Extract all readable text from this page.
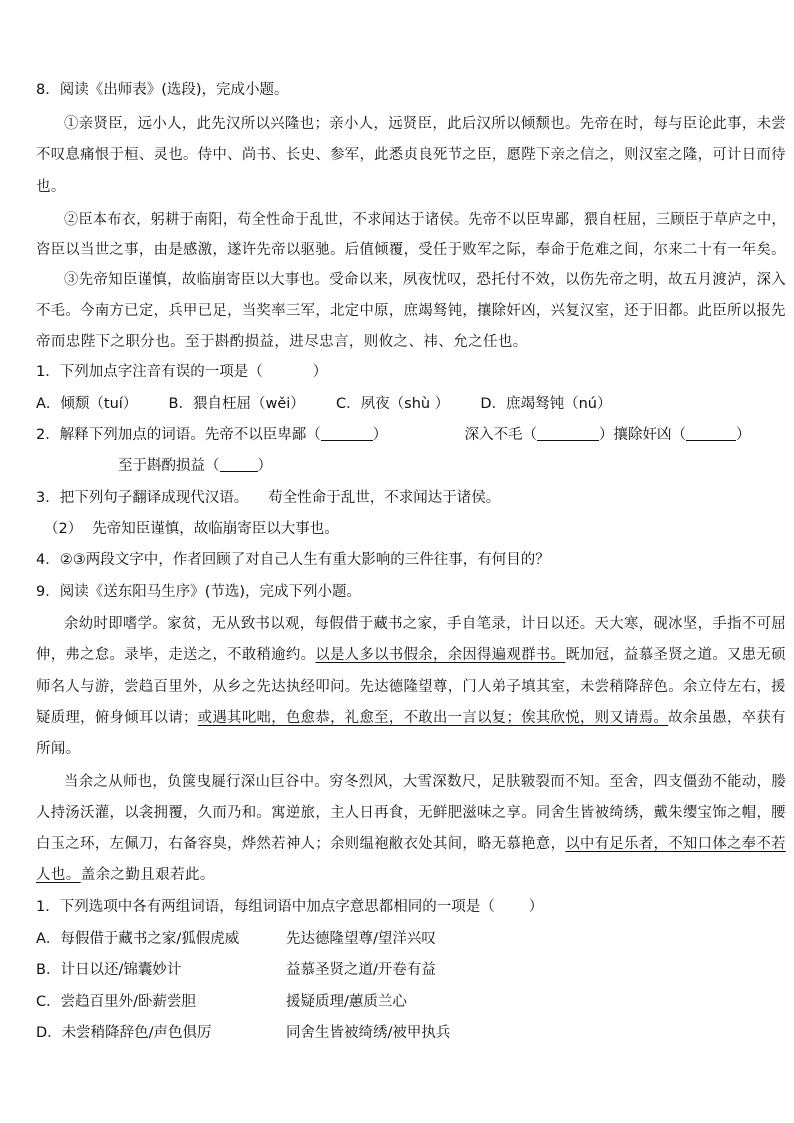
8．阅读《出师表》(选段)，完成小题。
①亲贤臣，远小人，此先汉所以兴隆也；亲小人，远贤臣，此后汉所以倾颓也。先帝在时，每与臣论此事，未尝
不叹息痛恨于桓、灵也。侍中、尚书、长史、参军，此悉贞良死节之臣，愿陛下亲之信之，则汉室之隆，可计日而待
也。
②臣本布衣，躬耕于南阳，苟全性命于乱世，不求闻达于诸侯。先帝不以臣卑鄙，猥自枉屈，三顾臣于草庐之中，
咨臣以当世之事，由是感激，遂许先帝以驱驰。后值倾覆，受任于败军之际，奉命于危难之间，尔来二十有一年矣。
③先帝知臣谨慎，故临崩寄臣以大事也。受命以来，夙夜忧叹，恐托付不效，以伤先帝之明，故五月渡泸，深入
不毛。今南方已定，兵甲已足，当奖率三军，北定中原，庶竭驽钝，攘除奸凶，兴复汉室，还于旧都。此臣所以报先
帝而忠陛下之职分也。至于斟酌损益，进尽忠言，则攸之、祎、允之任也。
1．下列加点字注音有误的一项是（	）
A．倾颓（tuí） B．猥自枉屈（wěi） C．夙夜（shù ） D．庶竭驽钝（nú）
2．解释下列加点的词语。先帝不以臣卑鄙（	）	深入不毛（	）攘除奸凶（	）
至于斟酌损益（	）
3．把下列句子翻译成现代汉语。 苟全性命于乱世，不求闻达于诸侯。
（2） 先帝知臣谨慎，故临崩寄臣以大事也。
4．②③两段文字中，作者回顾了对自己人生有重大影响的三件往事，有何目的？
9．阅读《送东阳马生序》(节选)，完成下列小题。
余幼时即嗜学。家贫，无从致书以观，每假借于藏书之家，手自笔录，计日以还。天大寒，砚冰坚，手指不可屈
伸，弗之怠。录毕，走送之，不敢稍逾约。以是人多以书假余，余因得遍观群书。既加冠，益慕圣贤之道。又患无硕
师名人与游，尝趋百里外，从乡之先达执经叩问。先达德隆望尊，门人弟子填其室，未尝稍降辞色。余立侍左右，援
疑质理，俯身倾耳以请；或遇其叱咄，色愈恭，礼愈至，不敢出一言以复；俟其欣悦，则又请焉。故余虽愚，卒获有
所闻。
当余之从师也，负箧曳屣行深山巨谷中。穷冬烈风，大雪深数尺，足肤皲裂而不知。至舍，四支僵劲不能动，媵
人持汤沃灌，以衾拥覆，久而乃和。寓逆旅，主人日再食，无鲜肥滋味之享。同舍生皆被绮绣，戴朱缨宝饰之帽，腰
白玉之环，左佩刀，右备容臭，烨然若神人；余则缊袍敝衣处其间，略无慕艳意，以中有足乐者，不知口体之奉不若
人也。盖余之勤且艰若此。
1．下列选项中各有两组词语，每组词语中加点字意思都相同的一项是（ ）
A．每假借于藏书之家/狐假虎威	先达德隆望尊/望洋兴叹
B．计日以还/锦囊妙计	益慕圣贤之道/开卷有益
C．尝趋百里外/卧薪尝胆	援疑质理/蕙质兰心
D．未尝稍降辞色/声色俱厉	同舍生皆被绮绣/被甲执兵
